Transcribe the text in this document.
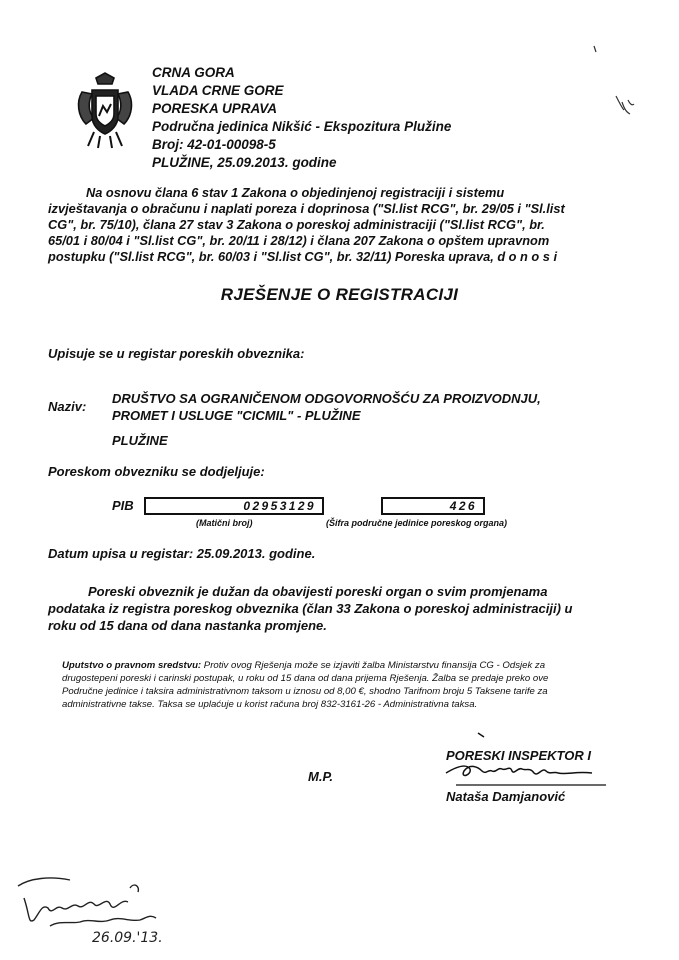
CRNA GORA
VLADA CRNE GORE
PORESKA UPRAVA
Područna jedinica Nikšić - Ekspozitura Plužine
Broj: 42-01-00098-5
PLUŽINE, 25.09.2013. godine
Na osnovu člana 6 stav 1 Zakona o objedinjenoj registraciji i sistemu
izvještavanja o obračunu i naplati poreza i doprinosa ("Sl.list RCG", br. 29/05 i "Sl.list
CG", br. 75/10), člana 27 stav 3 Zakona o poreskoj administraciji ("Sl.list RCG", br.
65/01 i 80/04 i "Sl.list CG", br. 20/11 i 28/12) i člana 207 Zakona o opštem upravnom
postupku ("Sl.list RCG", br. 60/03 i "Sl.list CG", br. 32/11) Poreska uprava, d o n o s i
RJEŠENJE O REGISTRACIJI
Upisuje se u registar poreskih obveznika:
Naziv:
DRUŠTVO SA OGRANIČENOM ODGOVORNOŠĆU ZA PROIZVODNJU,
PROMET I USLUGE "CICMIL" - PLUŽINE
PLUŽINE
Poreskom obvezniku se dodjeljuje:
PIB	02953129	426
(Matični broj)	(Šifra područne jedinice poreskog organa)
Datum upisa u registar: 25.09.2013. godine.
Poreski obveznik je dužan da obavijesti poreski organ o svim promjenama
podataka iz registra poreskog obveznika (član 33 Zakona o poreskoj administraciji) u
roku od 15 dana od dana nastanka promjene.
Uputstvo o pravnom sredstvu: Protiv ovog Rješenja može se izjaviti žalba Ministarstvu finansija CG - Odsjek za
drugostepeni poreski i carinski postupak, u roku od 15 dana od dana prijema Rješenja. Žalba se predaje preko ove
Područne jedinice i taksira administrativnom taksom u iznosu od 8,00 €, shodno Tarifnom broju 5 Taksene tarife za
administrativne takse. Taksa se uplaćuje u korist računa broj 832-3161-26 - Administrativna taksa.
M.P.
PORESKI INSPEKTOR I
Nataša Damjanović
26.09.'13.
